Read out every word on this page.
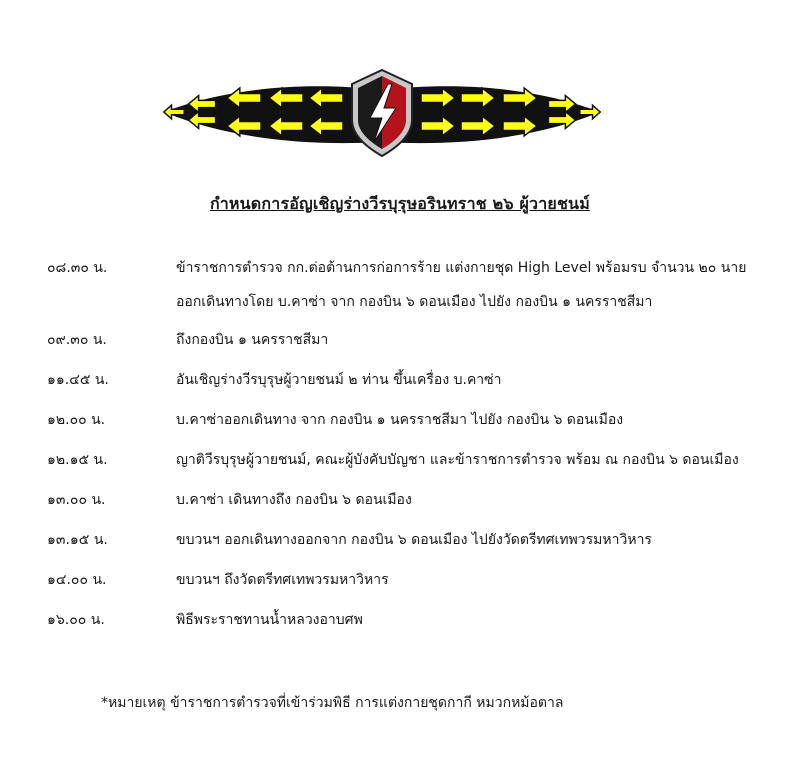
กำหนดการอัญเชิญร่างวีรบุรุษอรินทราช ๒๖ ผู้วายชนม์
๐๘.๓๐ น.	ข้าราชการตำรวจ กก.ต่อต้านการก่อการร้าย แต่งกายชุด High Level พร้อมรบ จำนวน ๒๐ นาย
ออกเดินทางโดย บ.คาซ่า จาก กองบิน ๖ ดอนเมือง ไปยัง กองบิน ๑ นครราชสีมา
๐๙.๓๐ น.	ถึงกองบิน ๑ นครราชสีมา
๑๑.๔๕ น.	อันเชิญร่างวีรบุรุษผู้วายชนม์ ๒ ท่าน ขึ้นเครื่อง บ.คาซ่า
๑๒.๐๐ น.	บ.คาซ่าออกเดินทาง จาก กองบิน ๑ นครราชสีมา ไปยัง กองบิน ๖ ดอนเมือง
๑๒.๑๕ น.	ญาติวีรบุรุษผู้วายชนม์, คณะผู้บังคับบัญชา และข้าราชการตำรวจ พร้อม ณ กองบิน ๖ ดอนเมือง
๑๓.๐๐ น.	บ.คาซ่า เดินทางถึง กองบิน ๖ ดอนเมือง
๑๓.๑๕ น.	ขบวนฯ ออกเดินทางออกจาก กองบิน ๖ ดอนเมือง ไปยังวัดตรีทศเทพวรมหาวิหาร
๑๔.๐๐ น.	ขบวนฯ ถึงวัดตรีทศเทพวรมหาวิหาร
๑๖.๐๐ น.	พิธีพระราชทานน้ำหลวงอาบศพ
*หมายเหตุ ข้าราชการตำรวจที่เข้าร่วมพิธี การแต่งกายชุดกากี หมวกหม้อตาล
